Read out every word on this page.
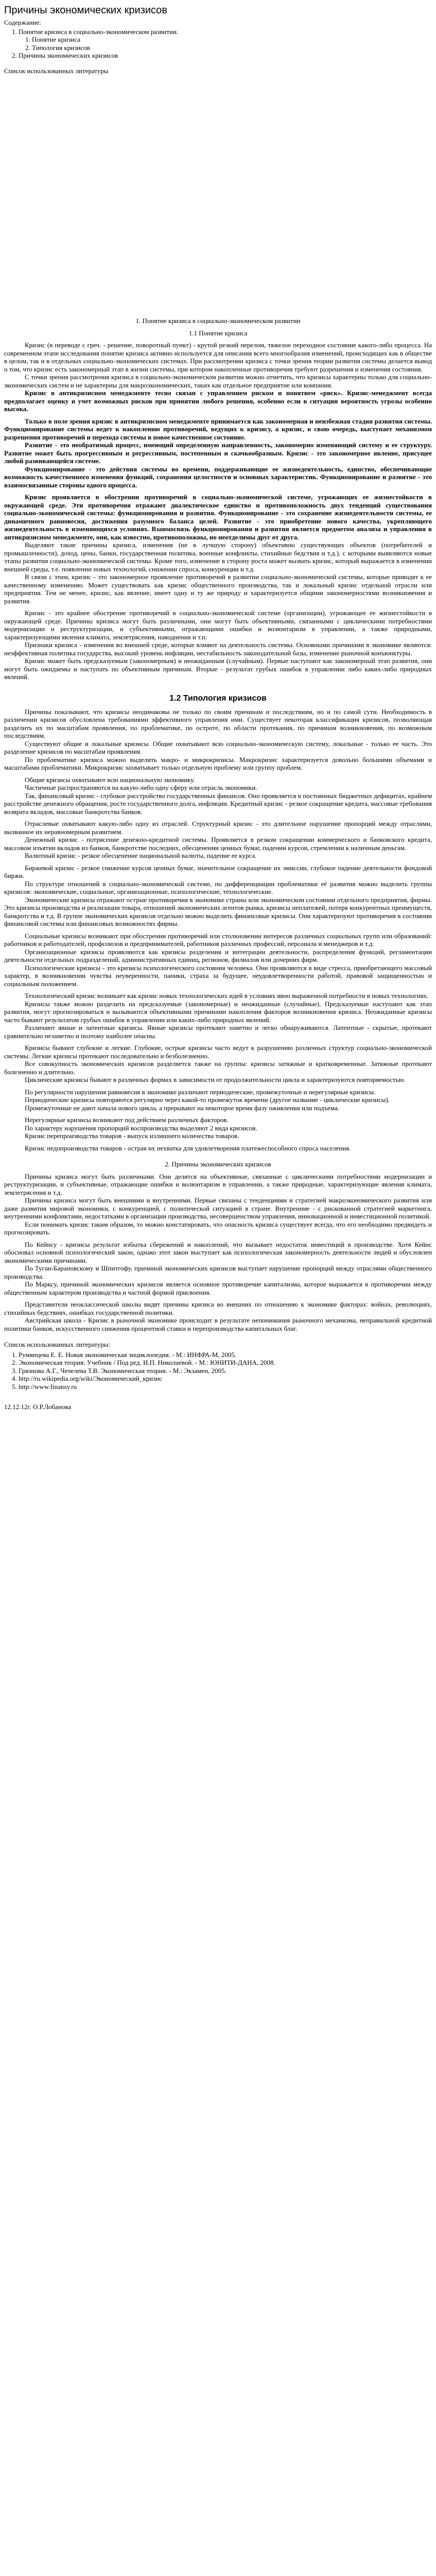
Причины экономических кризисов
Содержание:
1. Понятие кризиса в социально-экономическом развитии.
1. Понятие кризиса
2. Типология кризисов
2. Причины экономических кризисов
Список использованных литературы
1. Понятие кризиса в социально-экономическом развитии
1.1 Понятие кризиса

Кризис (в переводе с греч. - решение, поворотный пункт) - крутой резкий перелом, тяжелое переходное состояние какого-либо процесса. На современном этапе исследования понятие кризиса активно используется для описания всего многообразия изменений, происходящих как в обществе в целом, так и в отдельных социально-экономических системах. При рассмотрении кризиса с точки зрения теории развития системы делается вывод о том, что кризис есть закономерный этап в жизни системы, при котором накопленные противоречия требуют разрешения и изменения состояния.

С точки зрения рассмотрения кризиса в социально-экономическом развитии можно отметить, что кризисы характерны только для социально-экономических систем и не характерны для макроэкономических, таких как отдельное предприятие или компания.

Кризис в антикризисном менеджменте тесно связан с управлением риском и понятием «риск». Кризис-менеджмент всегда предполагает оценку и учет возможных рисков при принятии любого решения, особенно если в ситуации вероятность угрозы особенно высока.

Только в поле зрения кризис в антикризисном менеджменте принимается как закономерная и неизбежная стадия развития системы. Функционирование системы ведет к накоплению противоречий, ведущих к кризису, а кризис, в свою очередь, выступает механизмом разрешения противоречий и перехода системы в новое качественное состояние.

Развитие - это необратимый процесс, имеющий определенную направленность, закономерно изменяющий систему и ее структуру. Развитие может быть прогрессивным и регрессивным, постепенным и скачкообразным. Кризис - это закономерное явление, присущее любой развивающейся системе.

Функционирование - это действия системы во времени, поддерживающие ее жизнедеятельность, единство, обеспечивающие возможность качественного изменения функций, сохранения целостности и основных характеристик. Функционирование и развитие - это взаимосвязанные стороны одного процесса.

Кризис проявляется в обострении противоречий в социально-экономической системе, угрожающих ее жизнестойкости в окружающей среде. Эти противоречия отражают диалектическое единство и противоположность двух тенденций существования социально-экономической системы: функционирования и развития. Функционирование - это сохранение жизнедеятельности системы, ее динамичного равновесия, достижения разумного баланса целей. Развитие - это приобретение нового качества, укрепляющего жизнедеятельность в изменяющихся условиях. Взаимосвязь функционирования и развития является предметом анализа и управления в антикризисном менеджменте, они, как известно, противоположны, но неотделимы друг от друга.

Выделяют такие причины кризиса, изменения (не в лучшую сторону) объективно существующих объектов (потребителей и промышленности), доход, цены, банки, государственная политика, военные конфликты, стихийные бедствия и т.д.), с которыми выявляются новые этапы развития социально-экономической системы. Кроме того, изменение в сторону роста может вызвать кризис, который выражается в изменении внешней среды, т.е. появлении новых технологий, снижении спроса, конкуренции и т.д.

В связи с этим, кризис - это закономерное проявление противоречий в развитии социально-экономической системы, которые приводят к ее качественному изменению. Может существовать как кризис общественного производства, так и локальный кризис отдельной отрасли или предприятия. Тем не менее, кризис, как явление, имеет одну и ту же природу и характеризуется общими закономерностями возникновения и развития.

Кризис - это крайнее обострение противоречий в социально-экономической системе (организации), угрожающее ее жизнестойкости в окружающей среде. Причины кризиса могут быть различными, они могут быть объективными, связанными с циклическими потребностями модернизации и реструктуризации, и субъективными, отражающими ошибки и волюнтаризм в управлении, а также природными, характеризующими явления климата, землетрясения, наводнения и т.п.

Признаки кризиса - изменения во внешней среде, которые влияют на деятельность системы. Основными причинами в экономике являются: неэффективная политика государства, высокий уровень инфляции, нестабильность законодательной базы, изменение рыночной конъюнктуры.

Кризис может быть предсказуемым (закономерным) и неожиданным (случайным). Первые наступают как закономерный этап развития, они могут быть ожидаемы и наступать по объективным причинам. Вторые - результат грубых ошибок в управлении либо каких-либо природных явлений.

1.2 Типология кризисов

Причины показывают, что кризисы неодинаковы не только по своим причинам и последствиям, но и по самой сути. Необходимость в различении кризисов обусловлена требованиями эффективного управления ими. Существует некоторая классификация кризисов, позволяющая разделить их по масштабам проявления, по проблематике, по остроте, по области протекания, по причинам возникновения, по возможным последствиям.

Существуют общие и локальные кризисы. Общие охватывают всю социально-экономическую систему, локальные - только ее часть. Это разделение кризисов по масштабам проявления.

По проблематике кризиса можно выделить макро- и микрокризисы. Макрокризис характеризуется довольно большими объемами и масштабами проблематики. Микрокризис захватывает только отдельную проблему или группу проблем.

Общие кризисы охватывают всю национальную экономику.

Частичные распространяются на какую-либо одну сферу или отрасль экономики.

Так, финансовый кризис - глубокое расстройство государственных финансов. Оно проявляется в постоянных бюджетных дефицитах, крайнем расстройстве денежного обращения, росте государственного долга, инфляции. Кредитный кризис - резкое сокращение кредита, массовые требования возврата вкладов, массовые банкротства банков.

Отраслевые охватывают какую-либо одну из отраслей. Структурный кризис - это длительное нарушение пропорций между отраслями, вызванное их неравномерным развитием.

Денежный кризис - потрясение денежно-кредитной системы. Проявляется в резком сокращении коммерческого и банковского кредита, массовом изъятии вкладов из банков, банкротстве последних, обесценении ценных бумаг, падении курсов, стремлении к наличным деньгам.

Валютный кризис - резкое обесценение национальной валюты, падение ее курса.

Биржевой кризис - резкое снижение курсов ценных бумаг, значительное сокращение их эмиссии, глубокое падение деятельности фондовой биржи.

По структуре отношений в социально-экономической системе, по дифференциации проблематики её развития можно выделить группы кризисов: экономические, социальные, организационные, психологические, технологические.

Экономические кризисы отражают острые противоречия в экономике страны или экономическом состоянии отдельного предприятия, фирмы. Это кризисы производства и реализации товара, отношений экономических агентов рынка, кризисы неплатежей, потеря конкурентных преимуществ, банкротства и т.д. В группе экономических кризисов отдельно можно выделить финансовые кризисы. Они характеризуют противоречия в состоянии финансовой системы или финансовых возможностях фирмы.

Социальные кризисы возникают при обострении противоречий или столкновении интересов различных социальных групп или образований: работников и работодателей, профсоюзов и предпринимателей, работников различных профессий, персонала и менеджеров и т.д.

Организационные кризисы проявляются как кризисы разделения и интеграции деятельности, распределения функций, регламентации деятельности отдельных подразделений, административных единиц, регионов, филиалов или дочерних фирм.

Психологические кризисы - это кризисы психологического состояния человека. Они проявляются в виде стресса, приобретающего массовый характер, в возникновении чувства неуверенности, паники, страха за будущее, неудовлетворенности работой, правовой защищенностью и социальным положением.

Технологический кризис возникает как кризис новых технологических идей в условиях явно выраженной потребности в новых технологиях.

Кризисы также можно разделить на предсказуемые (закономерные) и неожиданные (случайные). Предсказуемые наступают как этап развития, могут прогнозироваться и вызываются объективными причинами накопления факторов возникновения кризиса. Неожиданные кризисы часто бывают результатом грубых ошибок в управлении или каких-либо природных явлений.

Различают явные и латентные кризисы. Явные кризисы протекают заметно и легко обнаруживаются. Латентные - скрытые, протекают сравнительно незаметно и поэтому наиболее опасны.

Кризисы бывают глубокие и легкие. Глубокие, острые кризисы часто ведут к разрушению различных структур социально-экономической системы. Легкие кризисы протекают последовательно и безболезненно.

Все совокупность экономических кризисов разделяется также на группы: кризисы затяжные и кратковременные. Затяжные протекают болезненно и длительно.

Циклические кризисы бывают в различных формах в зависимости от продолжительности цикла и характеризуются повторяемостью.

По регулярности нарушения равновесия в экономике различают периодические, промежуточные и нерегулярные кризисы.

Периодические кризисы повторяются регулярно через какой-то промежуток времени (другое название - циклические кризисы).

Промежуточные не дают начала нового цикла, а прерывают на некоторое время фазу оживления или подъема.

Нерегулярные кризисы возникают под действием различных факторов.

По характеру нарушения пропорций воспроизводства выделяют 2 вида кризисов.

Кризис перепроизводства товаров - выпуск излишнего количества товаров.

Кризис недопроизводства товаров - острая их нехватка для удовлетворения платежеспособного спроса населения.

2. Причины экономических кризисов

Причины кризиса могут быть различными. Они делятся на объективные, связанные с циклическими потребностями модернизации и реструктуризации, и субъективные, отражающие ошибки и волюнтаризм в управлении, а также природные, характеризующие явления климата, землетрясения и т.д.

Причины кризиса могут быть внешними и внутренними. Первые связаны с тенденциями и стратегией макроэкономического развития или даже развития мировой экономики, с конкуренцией, с политической ситуацией в стране. Внутренние - с рискованной стратегией маркетинга, внутренними конфликтами, недостатками в организации производства, несовершенством управления, инновационной и инвестиционной политикой.

Если понимать кризис таким образом, то можно констатировать, что опасность кризиса существует всегда, что его необходимо предвидеть и прогнозировать.

По Кейнсу - кризисы результат избытка сбережений и накоплений, что вызывает недостаток инвестиций в производстве. Хотя Кейнс обосновал основной психологический закон, однако этот закон выступает как психологическая закономерность деятельности людей и обусловлен экономическими причинами.

По Туган-Барановскому и Шпитгофу, причиной экономических кризисов выступает нарушение пропорций между отраслями общественного производства.

По Марксу, причиной экономических кризисов является основное противоречие капитализма, которое выражается в противоречии между общественным характером производства и частной формой присвоения.

Представители неоклассической школы видят причины кризиса во внешних по отношению к экономике факторах: войнах, революциях, стихийных бедствиях, ошибках государственной политики.

Австрийская школа - Кризис в рыночной экономике происходит в результате непонимания рыночного механизма, неправильной кредитной политики банков, искусственного снижения процентной ставки и перепроизводства капитальных благ.

Список использованных литературы:
1. Румянцева Е. Е. Новая экономическая энциклопедия. - М.: ИНФРА-М, 2005.
2. Экономическая теория: Учебник / Под ред. И.П. Николаевой. - М.: ЮНИТИ-ДАНА, 2008.
3. Грязнова А.Г., Чечелева Т.В. Экономическая теория. - М.: Экзамен, 2005.
4. http://ru.wikipedia.org/wiki/Экономический_кризис
5. http://www.finansy.ru
12.12.12г. О.Р.Лобанова
